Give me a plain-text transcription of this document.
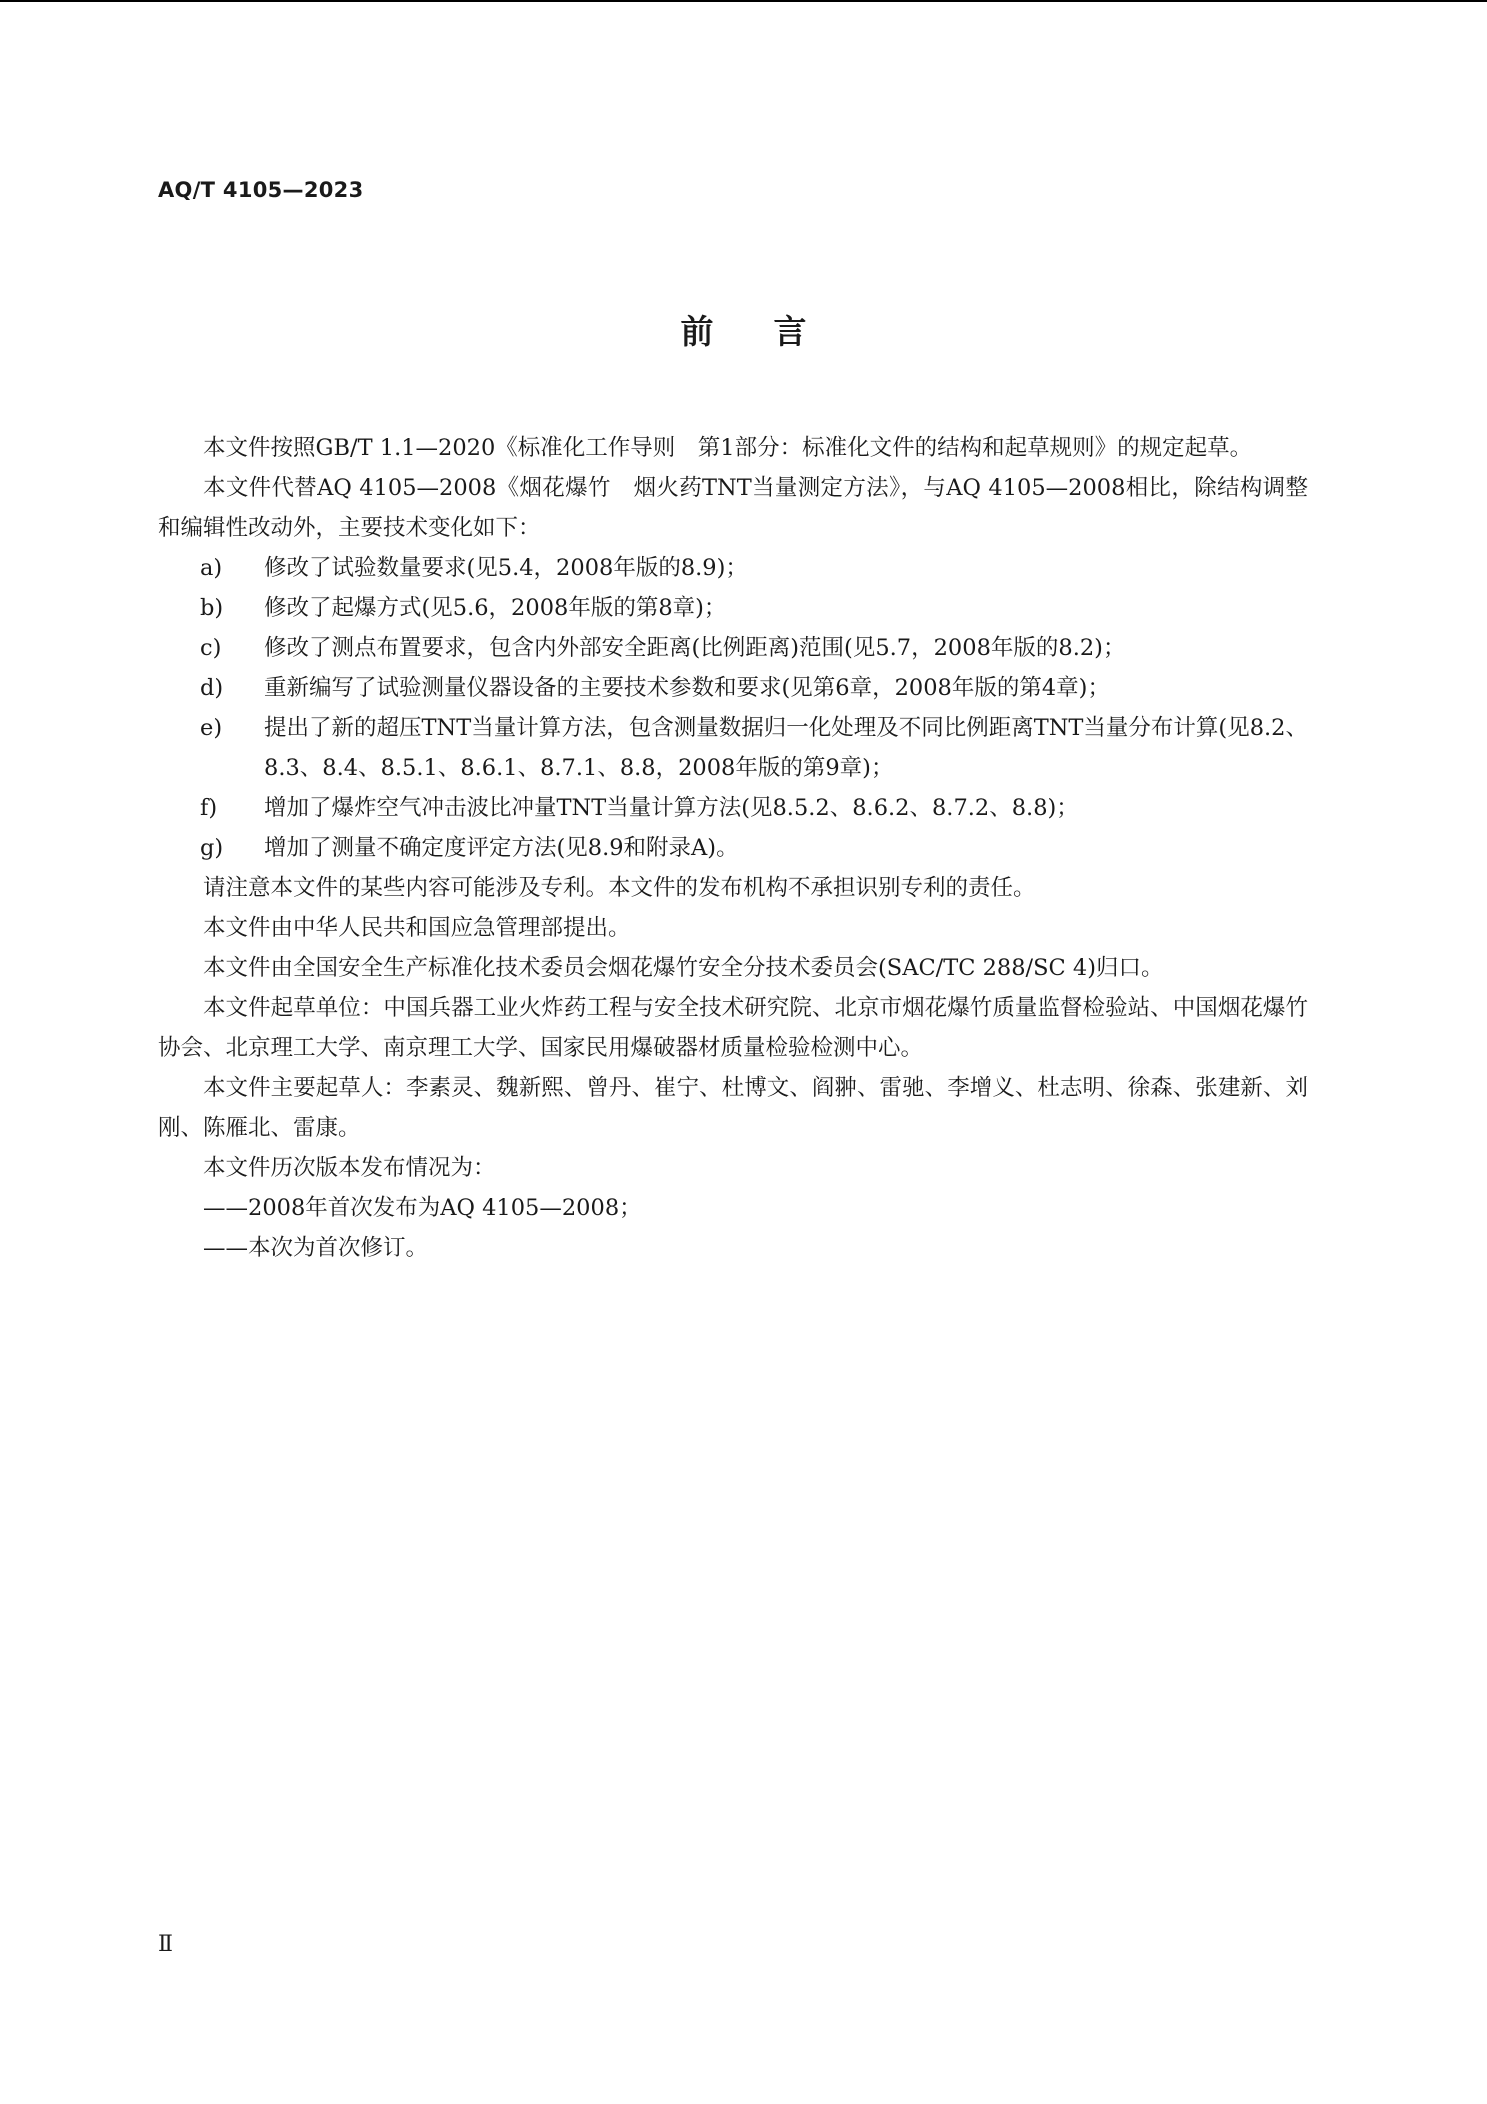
AQ/T 4105—2023
前言

本文件按照GB/T 1.1—2020《标准化工作导则　第1部分：标准化文件的结构和起草规则》的规定起草。

本文件代替AQ 4105—2008《烟花爆竹　烟火药TNT当量测定方法》，与AQ 4105—2008相比，除结构调整和编辑性改动外，主要技术变化如下：

a) 修改了试验数量要求(见5.4，2008年版的8.9)；

b) 修改了起爆方式(见5.6，2008年版的第8章)；

c) 修改了测点布置要求，包含内外部安全距离(比例距离)范围(见5.7，2008年版的8.2)；

d) 重新编写了试验测量仪器设备的主要技术参数和要求(见第6章，2008年版的第4章)；

e) 提出了新的超压TNT当量计算方法，包含测量数据归一化处理及不同比例距离TNT当量分布计算(见8.2、8.3、8.4、8.5.1、8.6.1、8.7.1、8.8，2008年版的第9章)；

f) 增加了爆炸空气冲击波比冲量TNT当量计算方法(见8.5.2、8.6.2、8.7.2、8.8)；

g) 增加了测量不确定度评定方法(见8.9和附录A)。

请注意本文件的某些内容可能涉及专利。本文件的发布机构不承担识别专利的责任。

本文件由中华人民共和国应急管理部提出。

本文件由全国安全生产标准化技术委员会烟花爆竹安全分技术委员会(SAC/TC 288/SC 4)归口。

本文件起草单位：中国兵器工业火炸药工程与安全技术研究院、北京市烟花爆竹质量监督检验站、中国烟花爆竹协会、北京理工大学、南京理工大学、国家民用爆破器材质量检验检测中心。

本文件主要起草人：李素灵、魏新熙、曾丹、崔宁、杜博文、阎翀、雷驰、李增义、杜志明、徐森、张建新、刘刚、陈雁北、雷康。

本文件历次版本发布情况为：

——2008年首次发布为AQ 4105—2008；

——本次为首次修订。

Ⅱ
